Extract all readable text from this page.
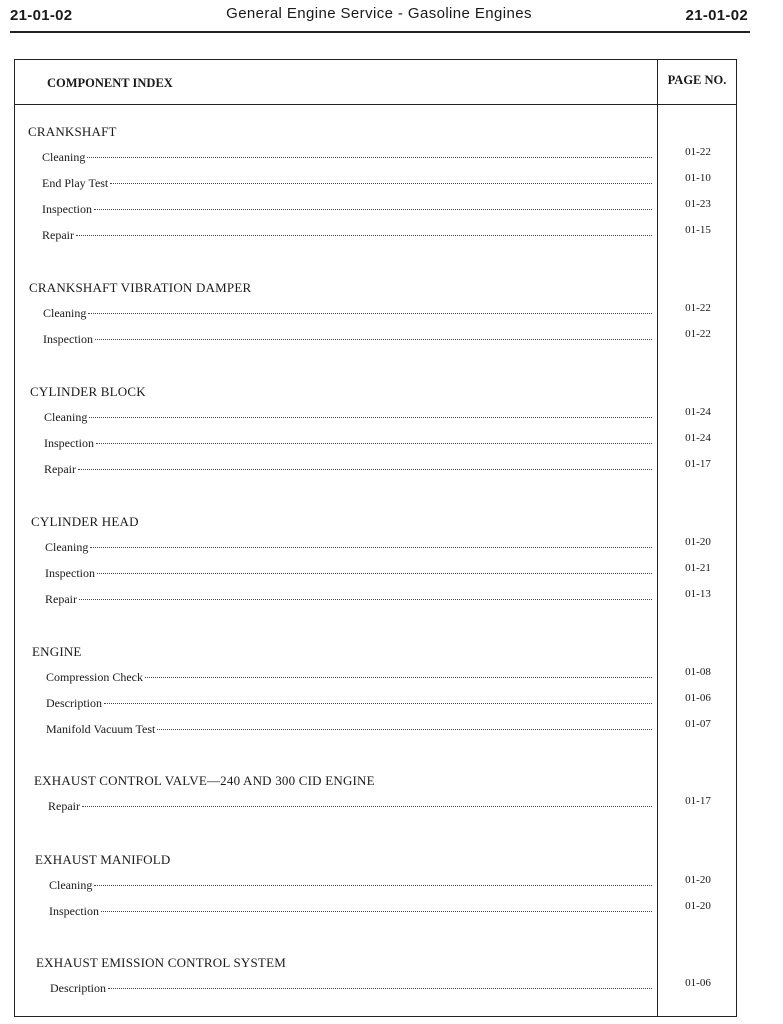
21-01-02	General Engine Service - Gasoline Engines	21-01-02
COMPONENT INDEX	PAGE NO.
CRANKSHAFT
Cleaning	01-22
End Play Test	01-10
Inspection	01-23
Repair	01-15
CRANKSHAFT VIBRATION DAMPER
Cleaning	01-22
Inspection	01-22
CYLINDER BLOCK
Cleaning	01-24
Inspection	01-24
Repair	01-17
CYLINDER HEAD
Cleaning	01-20
Inspection	01-21
Repair	01-13
ENGINE
Compression Check	01-08
Description	01-06
Manifold Vacuum Test	01-07
EXHAUST CONTROL VALVE—240 AND 300 CID ENGINE
Repair	01-17
EXHAUST MANIFOLD
Cleaning	01-20
Inspection	01-20
EXHAUST EMISSION CONTROL SYSTEM
Description	01-06
